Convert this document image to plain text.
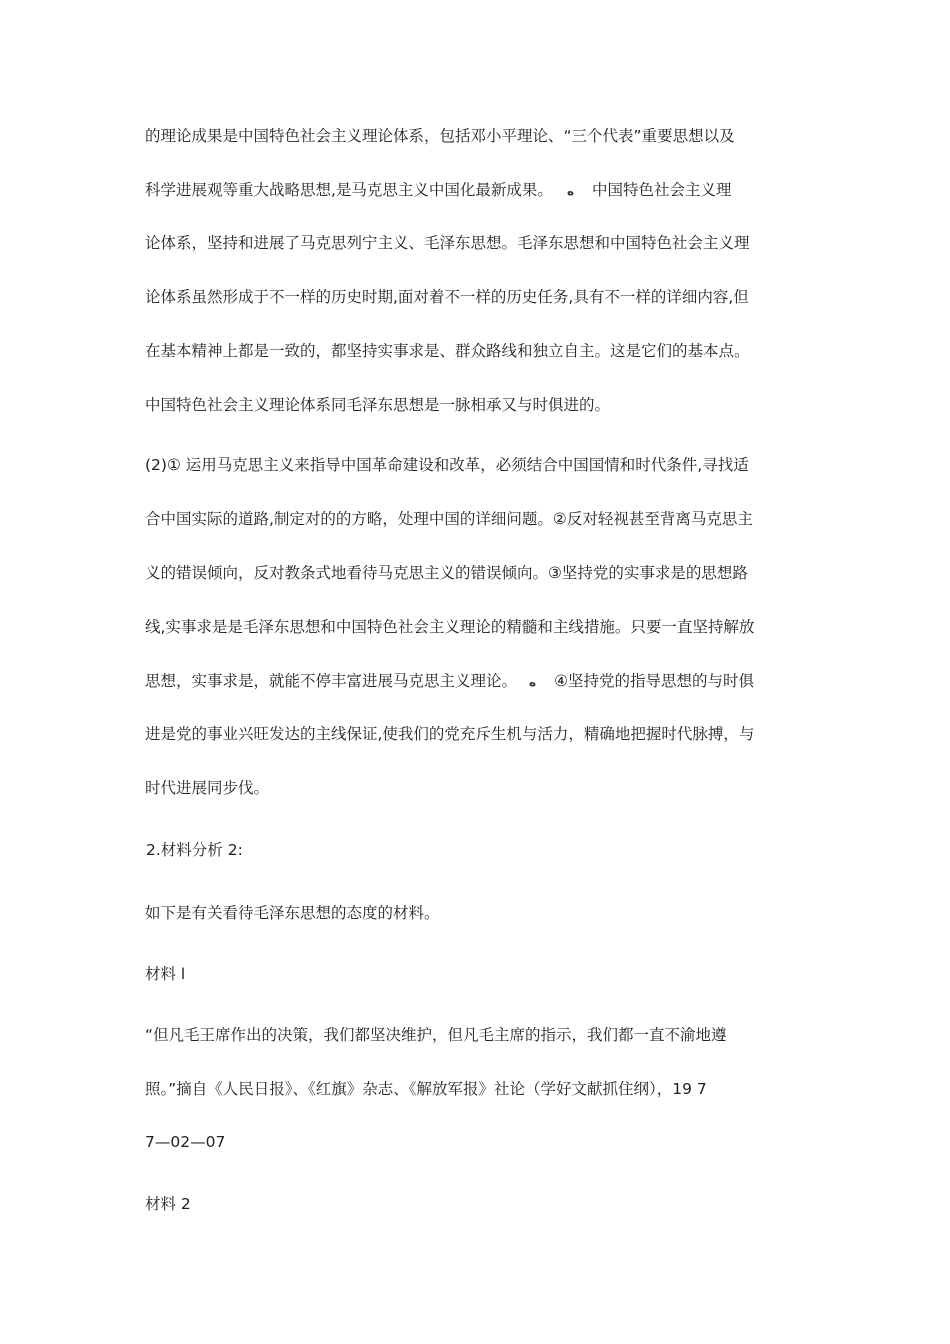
的理论成果是中国特色社会主义理论体系，包括邓小平理论、“三个代表”重要思想以及
科学进展观等重大战略思想,是马克思主义中国化最新成果。 ه 中国特色社会主义理
论体系，坚持和进展了马克思列宁主义、毛泽东思想。毛泽东思想和中国特色社会主义理
论体系虽然形成于不一样的历史时期,面对着不一样的历史任务,具有不一样的详细内容,但
在基本精神上都是一致的，都坚持实事求是、群众路线和独立自主。这是它们的基本点。
中国特色社会主义理论体系同毛泽东思想是一脉相承又与时俱进的。
(2)① 运用马克思主义来指导中国革命建设和改革，必须结合中国国情和时代条件,寻找适
合中国实际的道路,制定对的的方略，处理中国的详细问题。②反对轻视甚至背离马克思主
义的错误倾向，反对教条式地看待马克思主义的错误倾向。③坚持党的实事求是的思想路
线,实事求是是毛泽东思想和中国特色社会主义理论的精髓和主线措施。只要一直坚持解放
思想，实事求是，就能不停丰富进展马克思主义理论。 ه ④坚持党的指导思想的与时俱
进是党的事业兴旺发达的主线保证,使我们的党充斥生机与活力，精确地把握时代脉搏，与
时代进展同步伐。
2.材料分析 2:
如下是有关看待毛泽东思想的态度的材料。
材料 l
“但凡毛王席作出的决策，我们都坚决维护，但凡毛主席的指示，我们都一直不渝地遵
照。”摘自《人民日报》、《红旗》杂志、《解放军报》社论（学好文献抓住纲），19 7
7—02—07
材料 2
